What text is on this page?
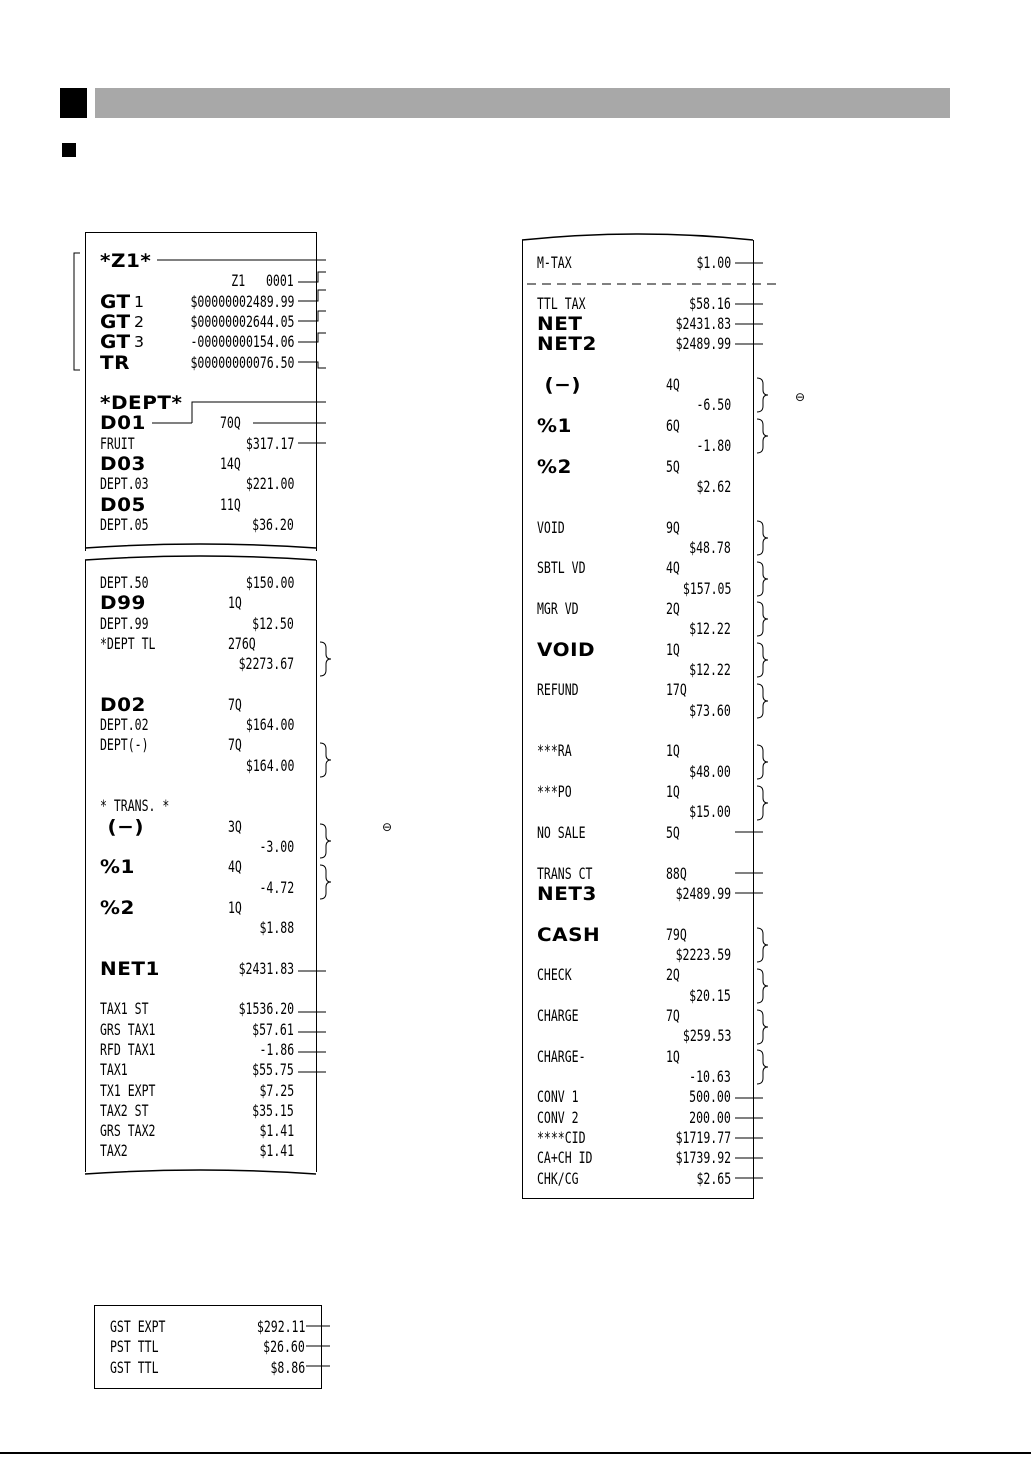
*Z1*
Z1   0001
GT 1	$00000002489.99
GT 2	$00000002644.05
GT 3	-00000000154.06
TR	$00000000076.50
*DEPT*
D01	70Q
FRUIT	$317.17
D03	14Q
DEPT.03	$221.00
D05	11Q
DEPT.05	$36.20
DEPT.50	$150.00
D99	1Q
DEPT.99	$12.50
*DEPT TL	276Q
$2273.67
D02	7Q
DEPT.02	$164.00
DEPT(-)	7Q
$164.00
* TRANS. *
(−)	3Q
-3.00
%1	4Q
-4.72
%2	1Q
$1.88
NET1	$2431.83
TAX1 ST	$1536.20
GRS TAX1	$57.61
RFD TAX1	-1.86
TAX1	$55.75
TX1 EXPT	$7.25
TAX2 ST	$35.15
GRS TAX2	$1.41
TAX2	$1.41
M-TAX	$1.00
TTL TAX	$58.16
NET	$2431.83
NET2	$2489.99
(−)	4Q
-6.50
%1	6Q
-1.80
%2	5Q
$2.62
VOID	9Q
$48.78
SBTL VD	4Q
$157.05
MGR VD	2Q
$12.22
VOID	1Q
$12.22
REFUND	17Q
$73.60
***RA	1Q
$48.00
***PO	1Q
$15.00
NO SALE	5Q
TRANS CT	88Q
NET3	$2489.99
CASH	79Q
$2223.59
CHECK	2Q
$20.15
CHARGE	7Q
$259.53
CHARGE-	1Q
-10.63
CONV 1	500.00
CONV 2	200.00
****CID	$1719.77
CA+CH ID	$1739.92
CHK/CG	$2.65
GST EXPT	$292.11
PST TTL	$26.60
GST TTL	$8.86
⊖
⊖
